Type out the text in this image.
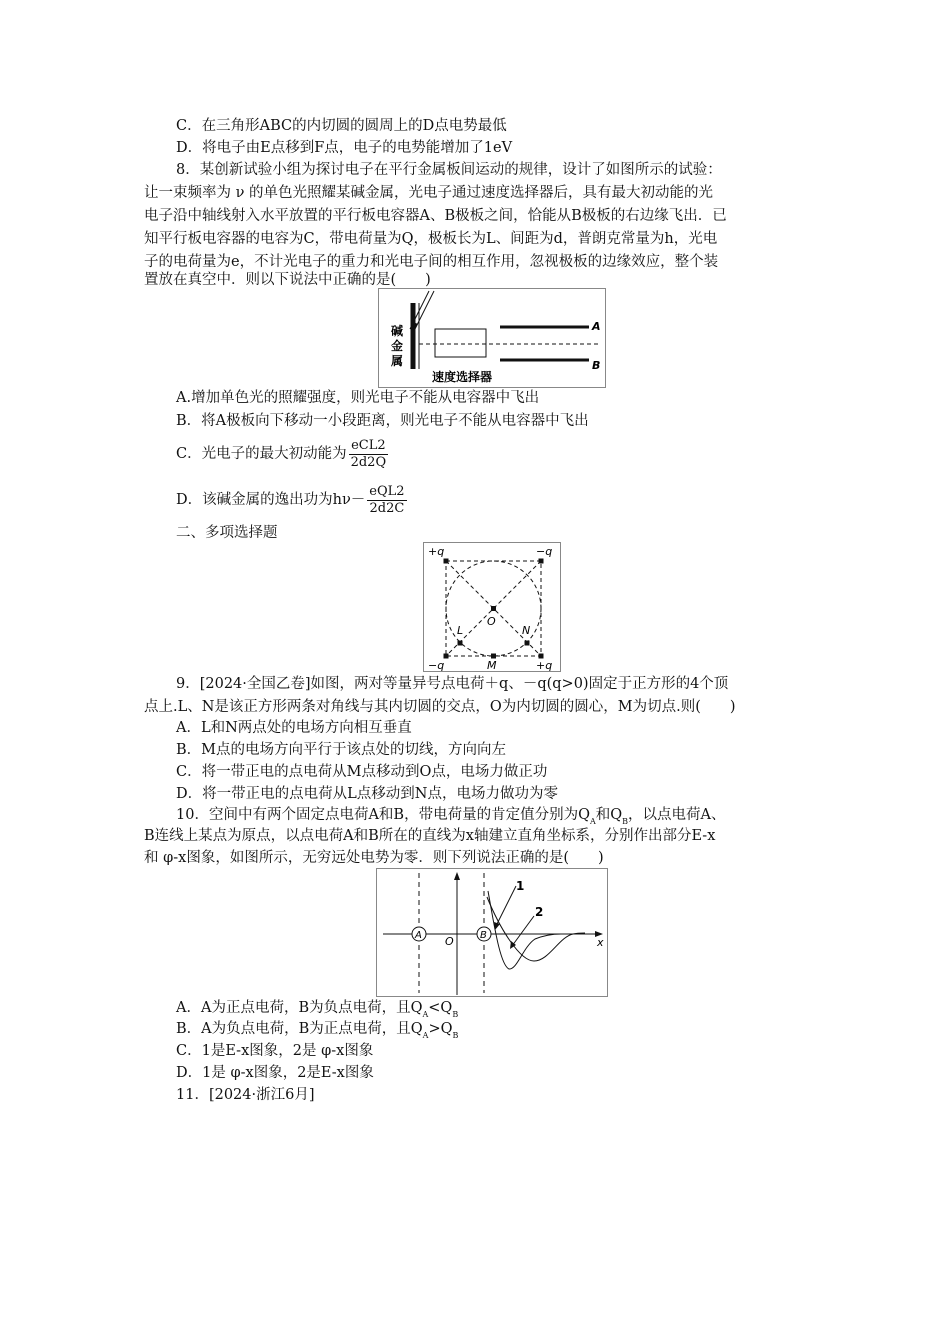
C．在三角形ABC的内切圆的圆周上的D点电势最低
D．将电子由E点移到F点，电子的电势能增加了1eV
8．某创新试验小组为探讨电子在平行金属板间运动的规律，设计了如图所示的试验：
让一束频率为 ν 的单色光照耀某碱金属，光电子通过速度选择器后，具有最大初动能的光
电子沿中轴线射入水平放置的平行板电容器A、B极板之间，恰能从B极板的右边缘飞出．已
知平行板电容器的电容为C，带电荷量为Q，极板长为L、间距为d，普朗克常量为h，光电
子的电荷量为e，不计光电子的重力和光电子间的相互作用，忽视极板的边缘效应，整个装
置放在真空中．则以下说法中正确的是(　　)
碱
金
属
速度选择器
A
B
A.增加单色光的照耀强度，则光电子不能从电容器中飞出
B．将A极板向下移动一小段距离，则光电子不能从电容器中飞出
C．光电子的最大初动能为 $\frac{\text{eCL2}}{2d2Q}$
D．该碱金属的逸出功为$h\nu- \frac{\text{eQL2}}{2d2C}$
二、多项选择题
+q	−q
−q	+q
O
L	N
M
9．[2024·全国乙卷]如图，两对等量异号点电荷＋q、－q(q>0)固定于正方形的4个顶
点上.L、N是该正方形两条对角线与其内切圆的交点，O为内切圆的圆心，M为切点.则(　　)
A．L和N两点处的电场方向相互垂直
B．M点的电场方向平行于该点处的切线，方向向左
C．将一带正电的点电荷从M点移动到O点，电场力做正功
D．将一带正电的点电荷从L点移动到N点，电场力做功为零
10．空间中有两个固定点电荷A和B，带电荷量的肯定值分别为$Q_A$和$Q_B$，以点电荷A、
B连线上某点为原点，以点电荷A和B所在的直线为x轴建立直角坐标系，分别作出部分E-x
和 φ-x图象，如图所示，无穷远处电势为零．则下列说法正确的是(　　)
A	B
O	x
1
2
A．A为正点电荷，B为负点电荷，且$Q_A<Q_B$
B．A为负点电荷，B为正点电荷，且$Q_A>Q_B$
C．1是E-x图象，2是 φ-x图象
D．1是 φ-x图象，2是E-x图象
11．[2024·浙江6月]
